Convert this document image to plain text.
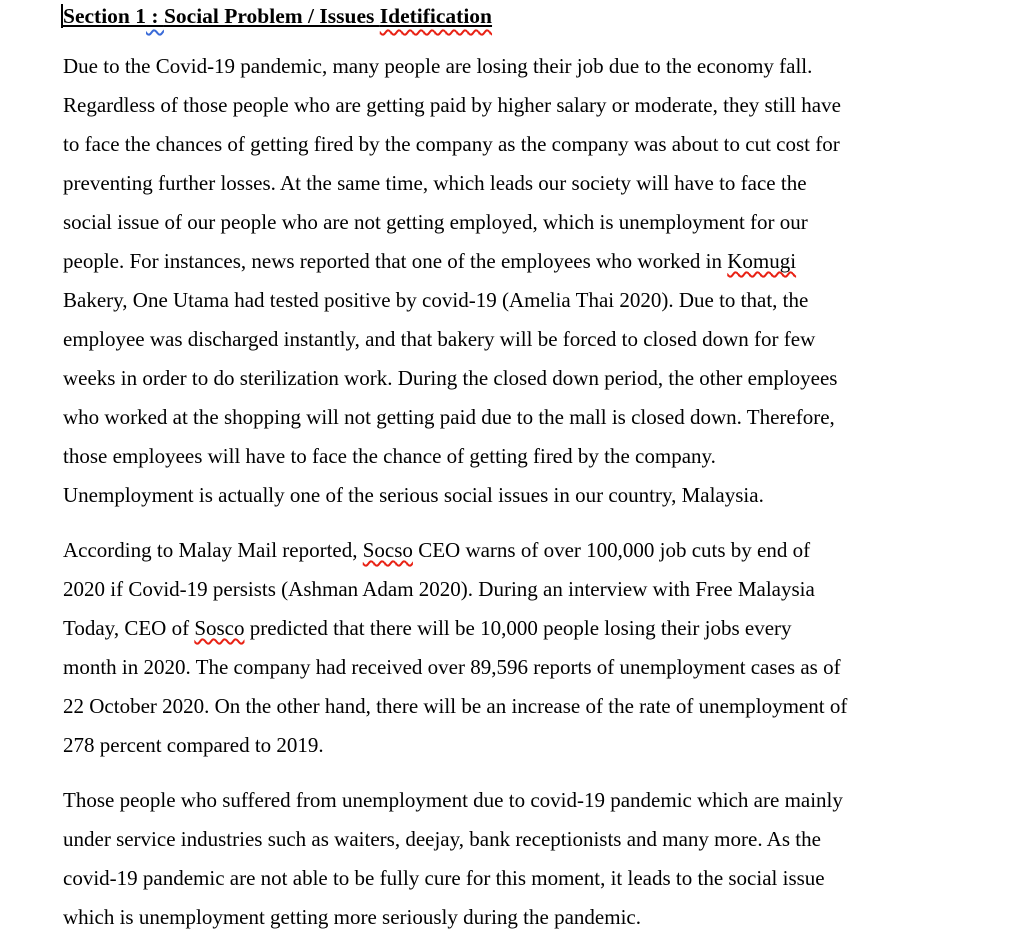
Section 1 : Social Problem / Issues Idetification
Due to the Covid-19 pandemic, many people are losing their job due to the economy fall.
Regardless of those people who are getting paid by higher salary or moderate, they still have
to face the chances of getting fired by the company as the company was about to cut cost for
preventing further losses. At the same time, which leads our society will have to face the
social issue of our people who are not getting employed, which is unemployment for our
people. For instances, news reported that one of the employees who worked in Komugi
Bakery, One Utama had tested positive by covid-19 (Amelia Thai 2020). Due to that, the
employee was discharged instantly, and that bakery will be forced to closed down for few
weeks in order to do sterilization work. During the closed down period, the other employees
who worked at the shopping will not getting paid due to the mall is closed down. Therefore,
those employees will have to face the chance of getting fired by the company.
Unemployment is actually one of the serious social issues in our country, Malaysia.
According to Malay Mail reported, Socso CEO warns of over 100,000 job cuts by end of
2020 if Covid-19 persists (Ashman Adam 2020). During an interview with Free Malaysia
Today, CEO of Sosco predicted that there will be 10,000 people losing their jobs every
month in 2020. The company had received over 89,596 reports of unemployment cases as of
22 October 2020. On the other hand, there will be an increase of the rate of unemployment of
278 percent compared to 2019.
Those people who suffered from unemployment due to covid-19 pandemic which are mainly
under service industries such as waiters, deejay, bank receptionists and many more. As the
covid-19 pandemic are not able to be fully cure for this moment, it leads to the social issue
which is unemployment getting more seriously during the pandemic.
